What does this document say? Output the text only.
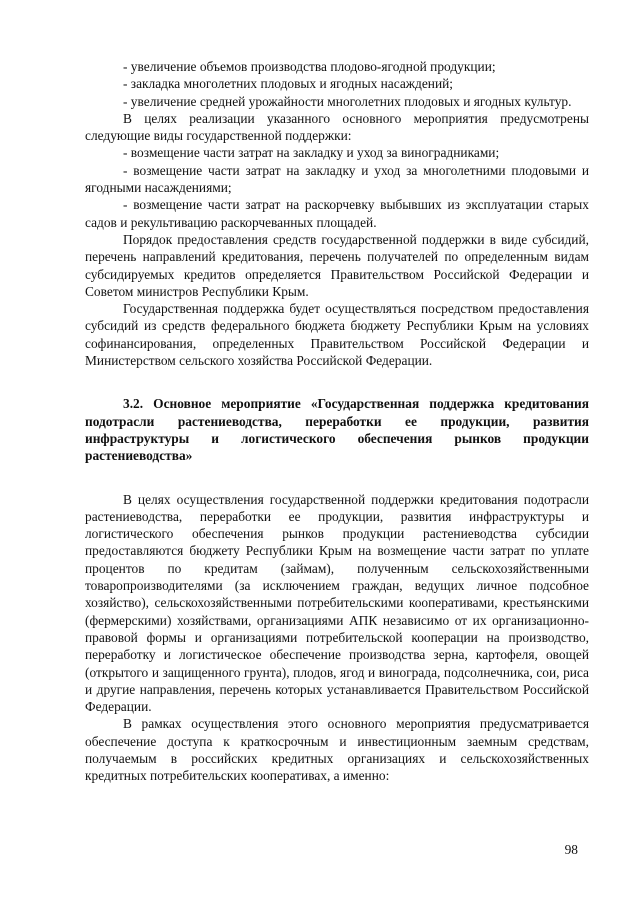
- увеличение объемов производства плодово-ягодной продукции;

- закладка многолетних плодовых и ягодных насаждений;

- увеличение средней урожайности многолетних плодовых и ягодных культур.

В целях реализации указанного основного мероприятия предусмотрены следующие виды государственной поддержки:

- возмещение части затрат на закладку и уход за виноградниками;

- возмещение части затрат на закладку и уход за многолетними плодовыми и ягодными насаждениями;

- возмещение части затрат на раскорчевку выбывших из эксплуатации старых садов и рекультивацию раскорчеванных площадей.

Порядок предоставления средств государственной поддержки в виде субсидий, перечень направлений кредитования, перечень получателей по определенным видам субсидируемых кредитов определяется Правительством Российской Федерации и Советом министров Республики Крым.

Государственная поддержка будет осуществляться посредством предоставления субсидий из средств федерального бюджета бюджету Республики Крым на условиях софинансирования, определенных Правительством Российской Федерации и Министерством сельского хозяйства Российской Федерации.

3.2. Основное мероприятие «Государственная поддержка кредитования подотрасли растениеводства, переработки ее продукции, развития инфраструктуры и логистического обеспечения рынков продукции растениеводства»

В целях осуществления государственной поддержки кредитования подотрасли растениеводства, переработки ее продукции, развития инфраструктуры и логистического обеспечения рынков продукции растениеводства субсидии предоставляются бюджету Республики Крым на возмещение части затрат по уплате процентов по кредитам (займам), полученным сельскохозяйственными товаропроизводителями (за исключением граждан, ведущих личное подсобное хозяйство), сельскохозяйственными потребительскими кооперативами, крестьянскими (фермерскими) хозяйствами, организациями АПК независимо от их организационно-правовой формы и организациями потребительской кооперации на производство, переработку и логистическое обеспечение производства зерна, картофеля, овощей (открытого и защищенного грунта), плодов, ягод и винограда, подсолнечника, сои, риса и другие направления, перечень которых устанавливается Правительством Российской Федерации.

В рамках осуществления этого основного мероприятия предусматривается обеспечение доступа к краткосрочным и инвестиционным заемным средствам, получаемым в российских кредитных организациях и сельскохозяйственных кредитных потребительских кооперативах, а именно:

98
